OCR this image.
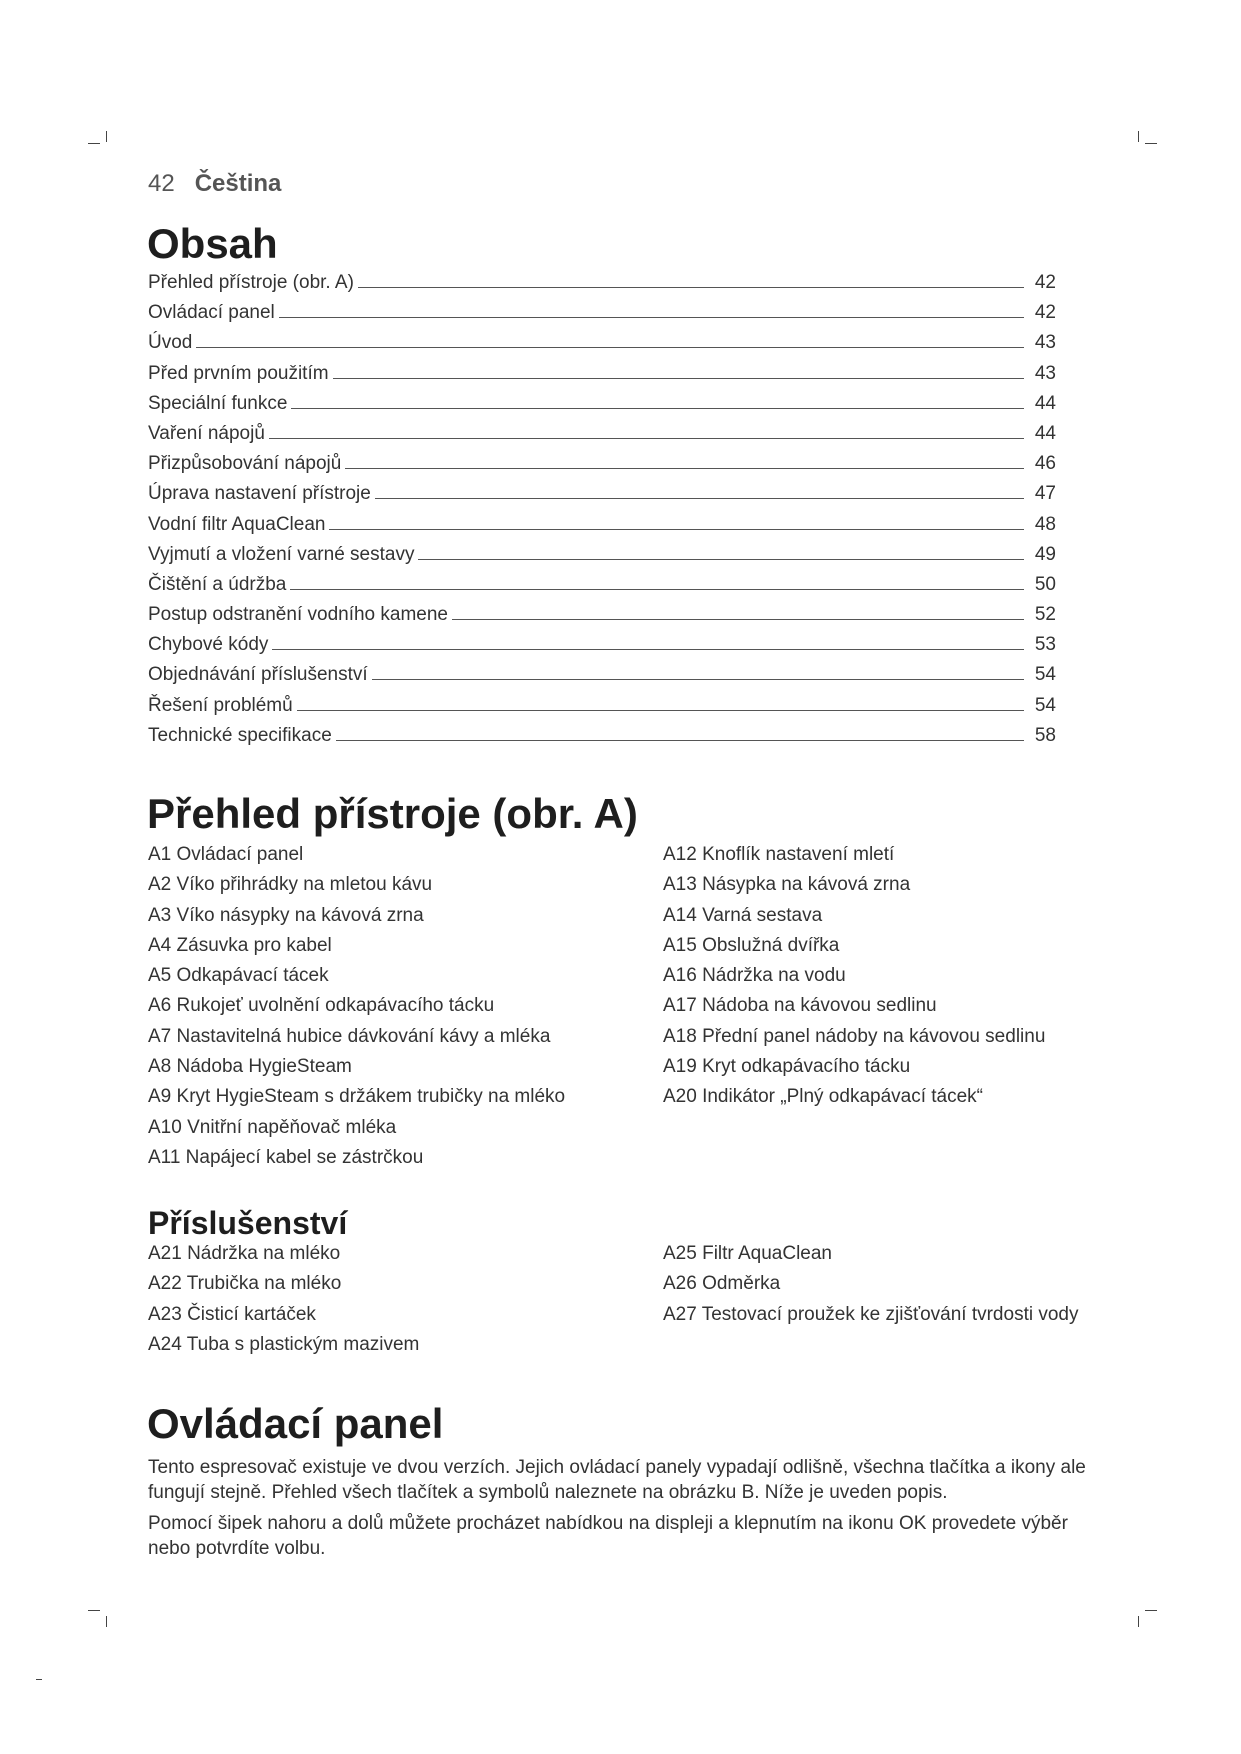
42 Čeština
Obsah
Přehled přístroje (obr. A)	42
Ovládací panel	42
Úvod	43
Před prvním použitím	43
Speciální funkce	44
Vaření nápojů	44
Přizpůsobování nápojů	46
Úprava nastavení přístroje	47
Vodní filtr AquaClean	48
Vyjmutí a vložení varné sestavy	49
Čištění a údržba	50
Postup odstranění vodního kamene	52
Chybové kódy	53
Objednávání příslušenství	54
Řešení problémů	54
Technické specifikace	58
Přehled přístroje (obr. A)
A1 Ovládací panel
A2 Víko přihrádky na mletou kávu
A3 Víko násypky na kávová zrna
A4 Zásuvka pro kabel
A5 Odkapávací tácek
A6 Rukojeť uvolnění odkapávacího tácku
A7 Nastavitelná hubice dávkování kávy a mléka
A8 Nádoba HygieSteam
A9 Kryt HygieSteam s držákem trubičky na mléko
A10 Vnitřní napěňovač mléka
A11 Napájecí kabel se zástrčkou
A12 Knoflík nastavení mletí
A13 Násypka na kávová zrna
A14 Varná sestava
A15 Obslužná dvířka
A16 Nádržka na vodu
A17 Nádoba na kávovou sedlinu
A18 Přední panel nádoby na kávovou sedlinu
A19 Kryt odkapávacího tácku
A20 Indikátor „Plný odkapávací tácek“
Příslušenství
A21 Nádržka na mléko
A22 Trubička na mléko
A23 Čisticí kartáček
A24 Tuba s plastickým mazivem
A25 Filtr AquaClean
A26 Odměrka
A27 Testovací proužek ke zjišťování tvrdosti vody
Ovládací panel

Tento espresovač existuje ve dvou verzích. Jejich ovládací panely vypadají odlišně, všechna tlačítka a ikony ale fungují stejně. Přehled všech tlačítek a symbolů naleznete na obrázku B. Níže je uveden popis.

Pomocí šipek nahoru a dolů můžete procházet nabídkou na displeji a klepnutím na ikonu OK provedete výběr nebo potvrdíte volbu.
